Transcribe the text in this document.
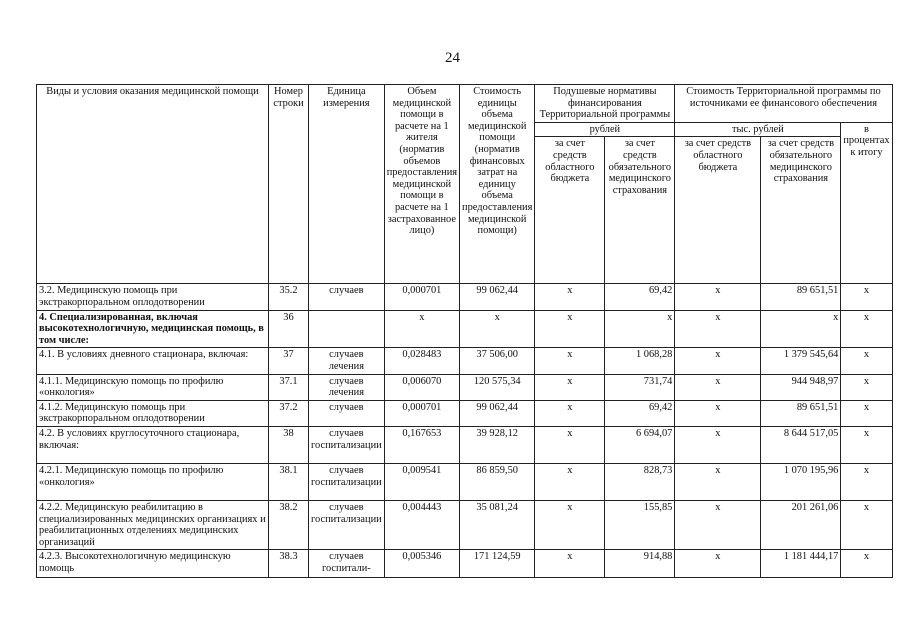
24
Виды и условия оказания медицинской помощи	Номер строки	Единица измерения	Объем медицинской помощи в расчете на 1 жителя (норматив объемов предоставления медицинской помощи в расчете на 1 застрахованное лицо)	Стоимость единицы объема медицинской помощи (норматив финансовых затрат на единицу объема предоставления медицинской помощи)	Подушевые нормативы финансирования Территориальной программы		Стоимость Территориальной программы по источниками ее финансового обеспечения		
					рублей		тыс. рублей		в процентах к итогу
					за счет средств областного бюджета	за счет средств обязательного медицинского страхования	за счет средств областного бюджета	за счет средств обязательного медицинского страхования	
3.2. Медицинскую помощь при экстракорпоральном оплодотворении	35.2	случаев	0,000701	99 062,44	х	69,42	х	89 651,51	х
4. Специализированная, включая высокотехнологичную, медицинская помощь, в том числе:	36		х	х	х	х	х	х	х
4.1. В условиях дневного стационара, включая:	37	случаев лечения	0,028483	37 506,00	х	1 068,28	х	1 379 545,64	х
4.1.1. Медицинскую помощь по профилю «онкология»	37.1	случаев лечения	0,006070	120 575,34	х	731,74	х	944 948,97	х
4.1.2. Медицинскую помощь при экстракорпоральном оплодотворении	37.2	случаев	0,000701	99 062,44	х	69,42	х	89 651,51	х
4.2. В условиях круглосуточного стационара, включая:	38	случаев госпитализации	0,167653	39 928,12	х	6 694,07	х	8 644 517,05	х
4.2.1. Медицинскую помощь по профилю «онкология»	38.1	случаев госпитализации	0,009541	86 859,50	х	828,73	х	1 070 195,96	х
4.2.2. Медицинскую реабилитацию в специализированных медицинских организациях и реабилитационных отделениях медицинских организаций	38.2	случаев госпитализации	0,004443	35 081,24	х	155,85	х	201 261,06	х
4.2.3. Высокотехнологичную медицинскую помощь	38.3	случаев госпитали-	0,005346	171 124,59	х	914,88	х	1 181 444,17	х
